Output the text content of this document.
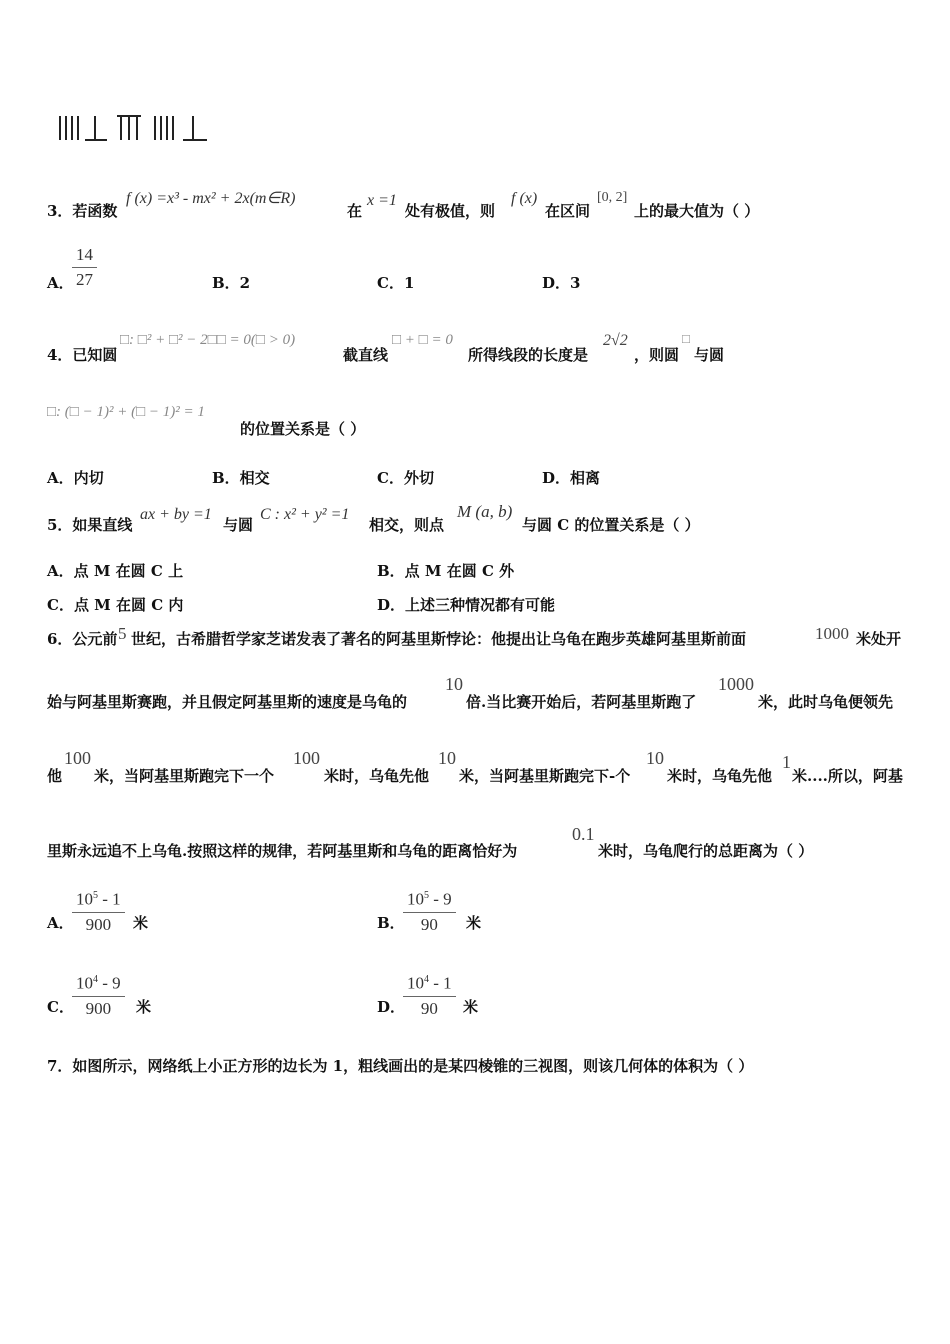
3．若函数
f (x) =x³ - mx² + 2x(m∈R)
在
x =1
处有极值，则
f (x)
在区间
[0, 2]
上的最大值为（ ）
A．
14
27	B．2	C．1	D．3
4．已知圆
□: □² + □² − 2□□ = 0(□ > 0)
截直线
□ + □ = 0
所得线段的长度是
2√2
，则圆
□
与圆
□: (□ − 1)² + (□ − 1)² = 1
的位置关系是（ ）
A．内切	B．相交	C．外切	D．相离
5．如果直线
ax + by =1
与圆
C : x² + y² =1
相交，则点
M (a, b)
与圆 C 的位置关系是（ ）
A．点 M 在圆 C 上	B．点 M 在圆 C 外
C．点 M 在圆 C 内	D．上述三种情况都有可能
6．公元前 5 世纪，古希腊哲学家芝诺发表了著名的阿基里斯悖论：他提出让乌龟在跑步英雄阿基里斯前面	1000 米处开
始与阿基里斯赛跑，并且假定阿基里斯的速度是乌龟的
10
倍.当比赛开始后，若阿基里斯跑了
1000
米，此时乌龟便领先
他
100
米，当阿基里斯跑完下一个
100
米时，乌龟先他
10
米，当阿基里斯跑完下-个
10
米时，乌龟先他
1
米....所以，阿基
里斯永远追不上乌龟.按照这样的规律，若阿基里斯和乌龟的距离恰好为
0.1
米时，乌龟爬行的总距离为（ ）
A．
$10^5 - 1$
900	米	B．
$10^5 - 9$
90	米
C．
$10^4 - 9$
900	米	D．
$10^4 - 1$
90	米
7．如图所示，网络纸上小正方形的边长为 1，粗线画出的是某四棱锥的三视图，则该几何体的体积为（ ）
